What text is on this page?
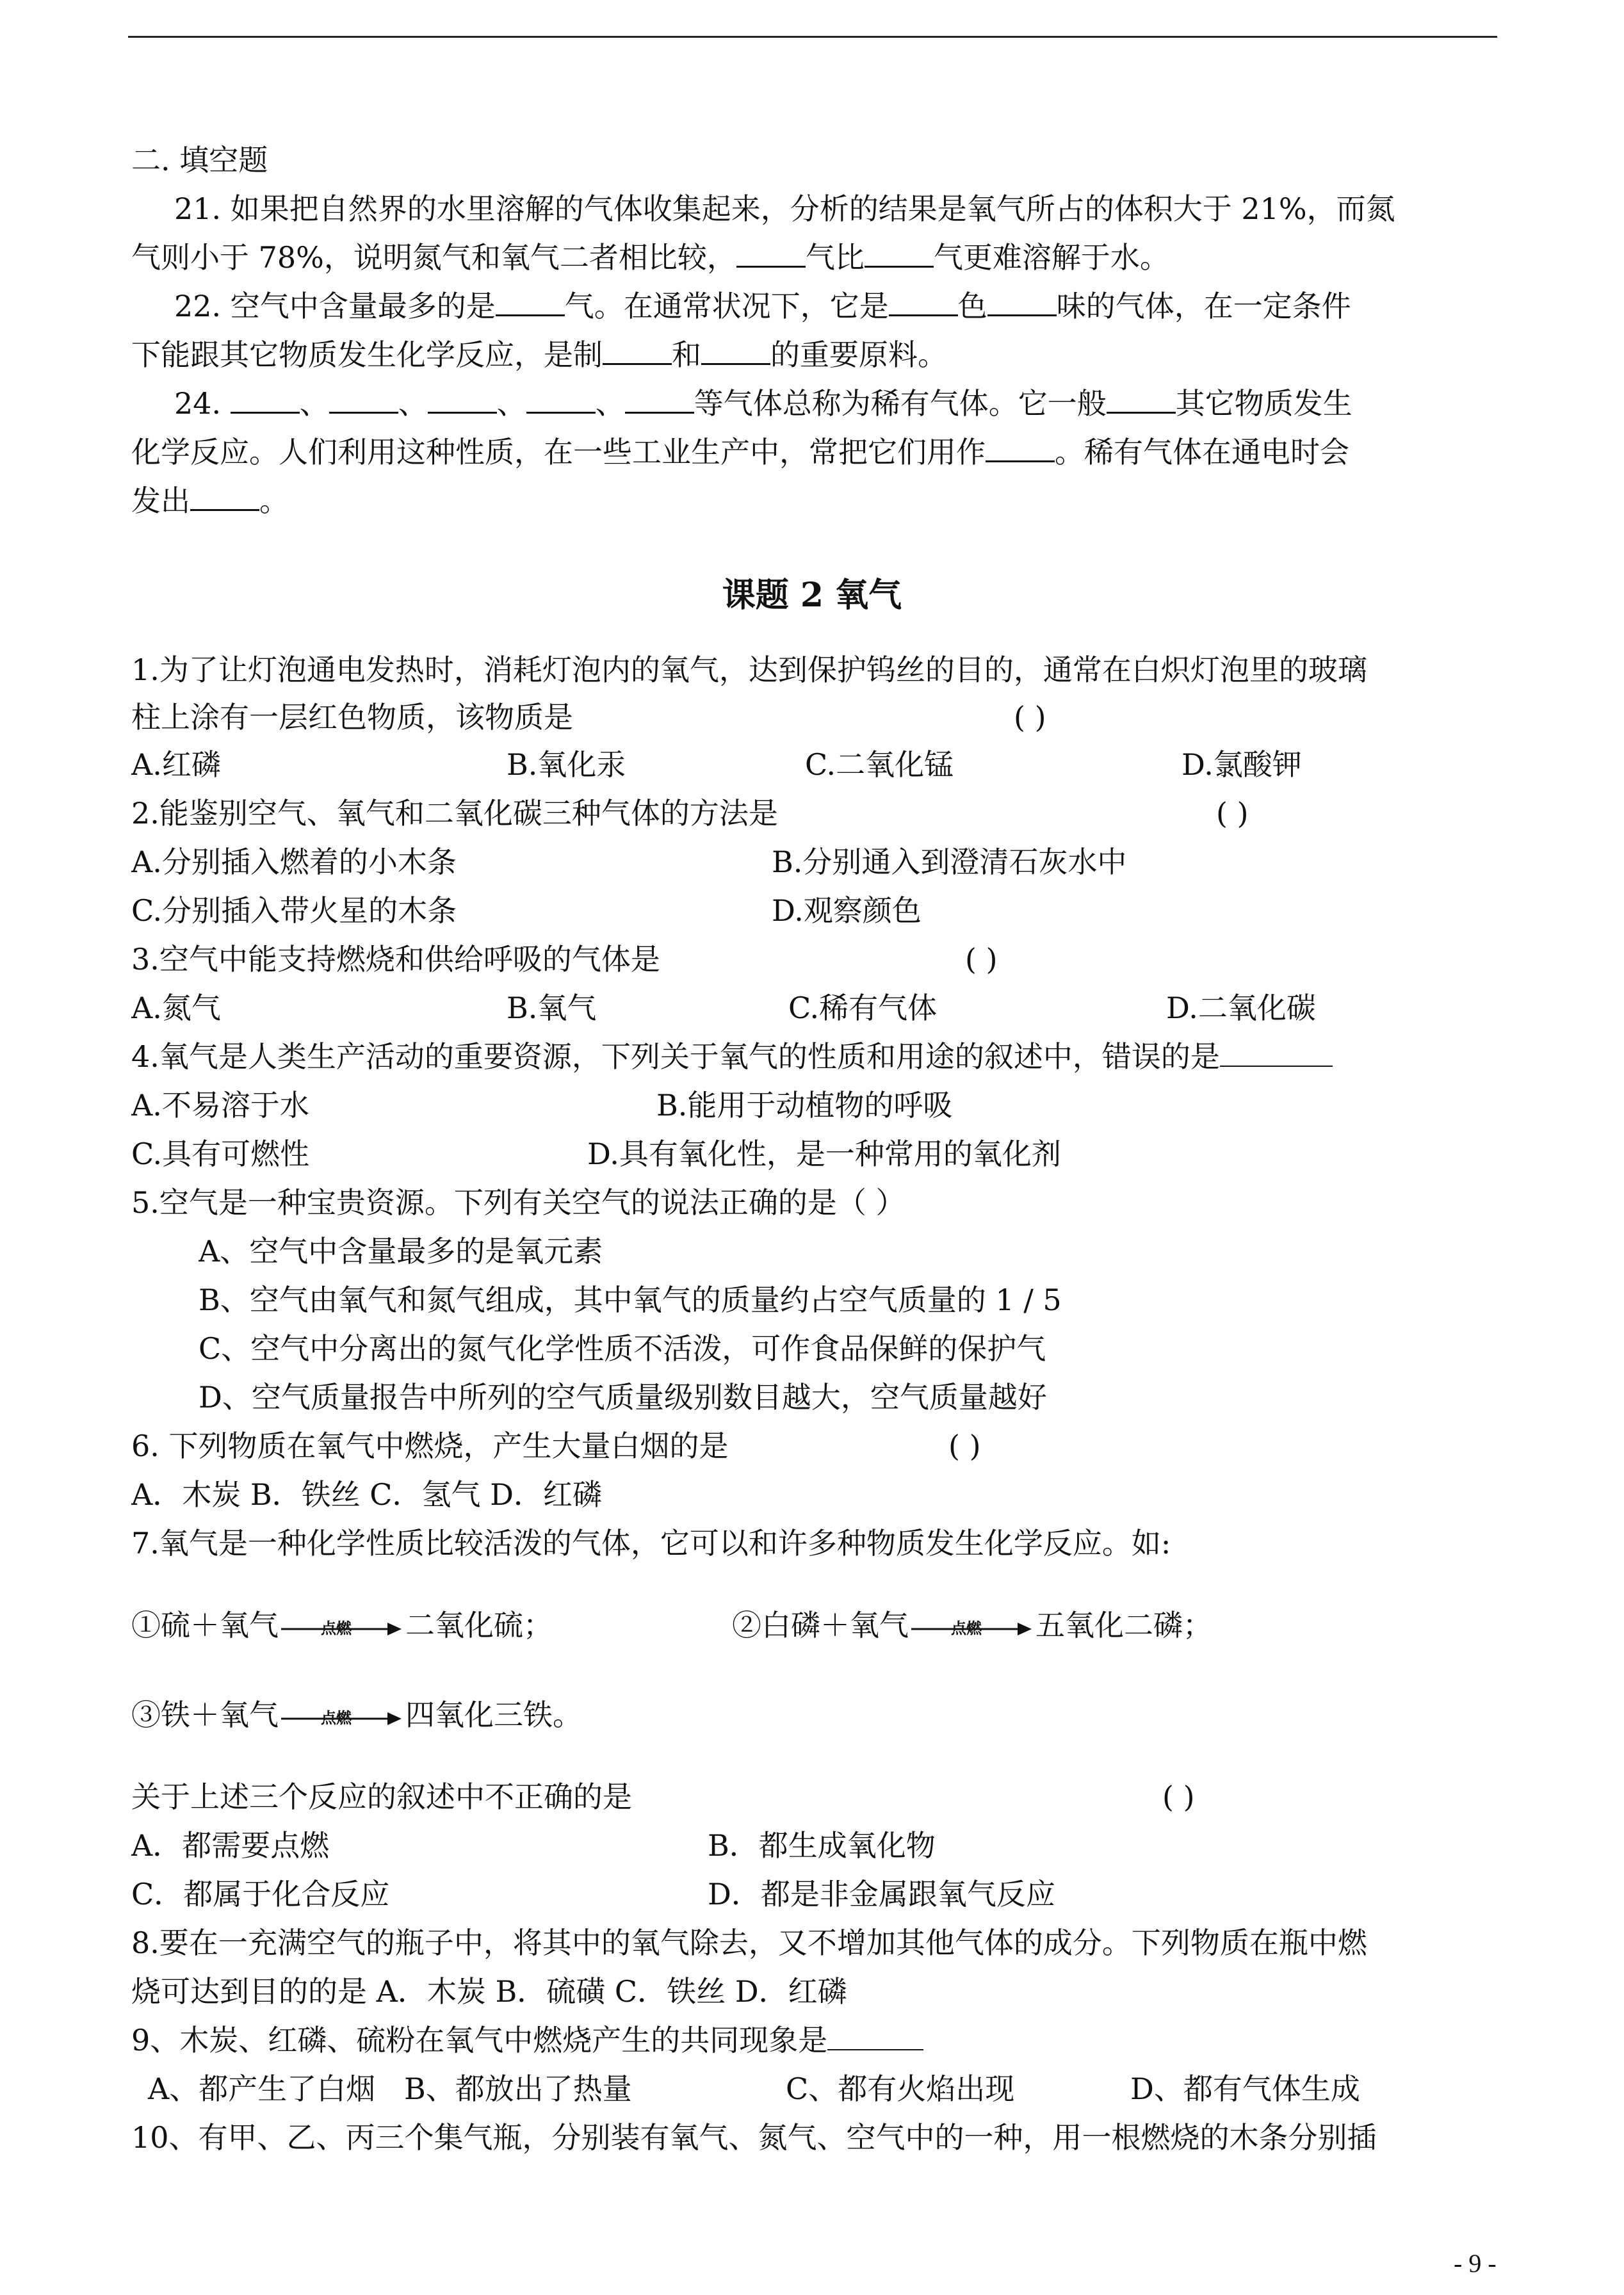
二. 填空题
21. 如果把自然界的水里溶解的气体收集起来，分析的结果是氧气所占的体积大于 21%，而氮
气则小于 78%，说明氮气和氧气二者相比较， 气比 气更难溶解于水。
22. 空气中含量最多的是 气。在通常状况下，它是 色 味的气体，在一定条件
下能跟其它物质发生化学反应，是制 和 的重要原料。
24. 、 、 、 、 等气体总称为稀有气体。它一般 其它物质发生
化学反应。人们利用这种性质，在一些工业生产中，常把它们用作 。稀有气体在通电时会
发出 。
课题 2 氧气
1.为了让灯泡通电发热时，消耗灯泡内的氧气，达到保护钨丝的目的，通常在白炽灯泡里的玻璃
柱上涂有一层红色物质，该物质是	( )
A.红磷	B.氧化汞	C.二氧化锰	D.氯酸钾
2.能鉴别空气、氧气和二氧化碳三种气体的方法是	( )
A.分别插入燃着的小木条	B.分别通入到澄清石灰水中
C.分别插入带火星的木条	D.观察颜色
3.空气中能支持燃烧和供给呼吸的气体是	( )
A.氮气	B.氧气	C.稀有气体	D.二氧化碳
4.氧气是人类生产活动的重要资源，下列关于氧气的性质和用途的叙述中，错误的是
A.不易溶于水	B.能用于动植物的呼吸
C.具有可燃性	D.具有氧化性，是一种常用的氧化剂
5.空气是一种宝贵资源。下列有关空气的说法正确的是（ ）
A、空气中含量最多的是氧元素
B、空气由氧气和氮气组成，其中氧气的质量约占空气质量的 1 / 5
C、空气中分离出的氮气化学性质不活泼，可作食品保鲜的保护气
D、空气质量报告中所列的空气质量级别数目越大，空气质量越好
6. 下列物质在氧气中燃烧，产生大量白烟的是	( )
A．木炭 B．铁丝 C．氢气 D．红磷
7.氧气是一种化学性质比较活泼的气体，它可以和许多种物质发生化学反应。如:
①硫＋氧气	点燃	二氧化硫；	②白磷＋氧气	点燃	五氧化二磷；
③铁＋氧气	点燃	四氧化三铁。
关于上述三个反应的叙述中不正确的是	( )
A．都需要点燃	B．都生成氧化物
C．都属于化合反应	D．都是非金属跟氧气反应
8.要在一充满空气的瓶子中，将其中的氧气除去，又不增加其他气体的成分。下列物质在瓶中燃
烧可达到目的的是 A．木炭 B．硫磺 C．铁丝 D．红磷
9、木炭、红磷、硫粉在氧气中燃烧产生的共同现象是
A、都产生了白烟 B、都放出了热量	C、都有火焰出现	D、都有气体生成
10、有甲、乙、丙三个集气瓶，分别装有氧气、氮气、空气中的一种，用一根燃烧的木条分别插
- 9 -
